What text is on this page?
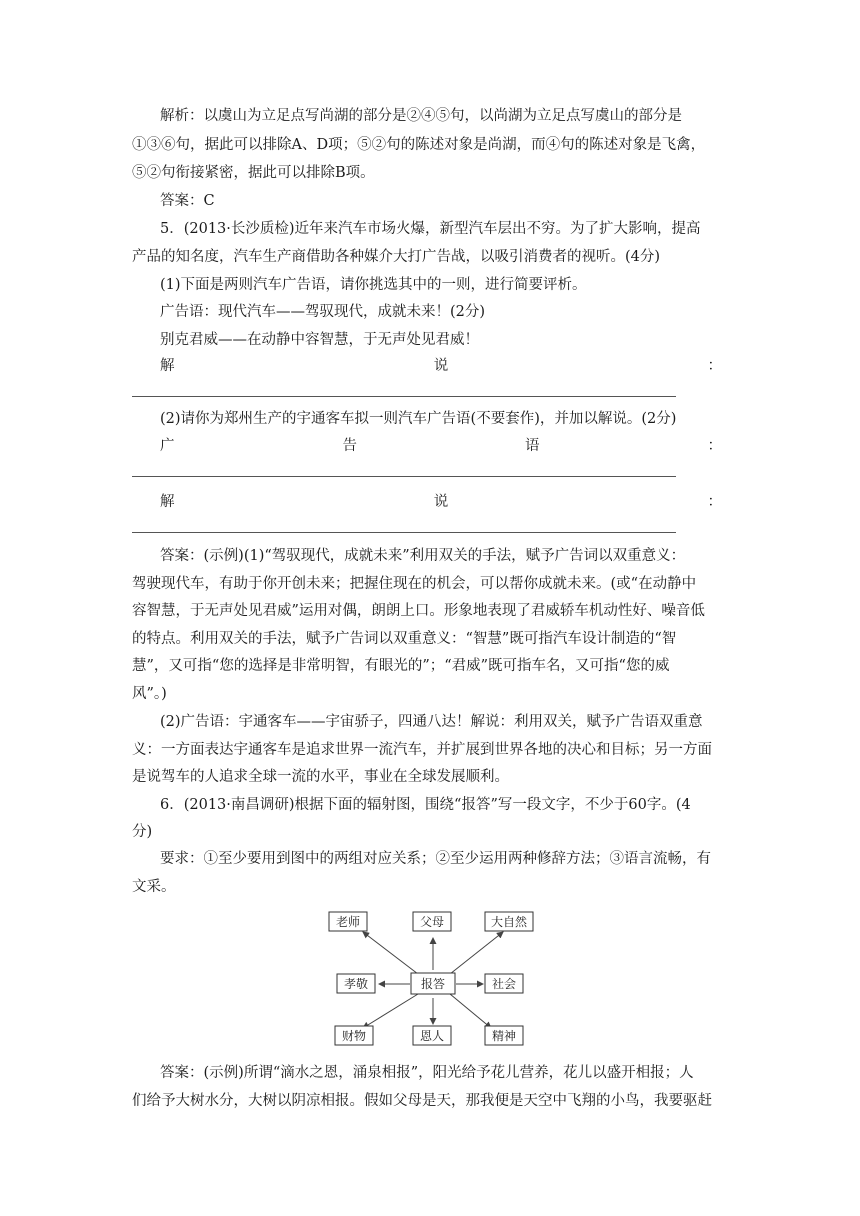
解析：以虞山为立足点写尚湖的部分是②④⑤句，以尚湖为立足点写虞山的部分是
①③⑥句，据此可以排除A、D项；⑤②句的陈述对象是尚湖，而④句的陈述对象是飞禽，
⑤②句衔接紧密，据此可以排除B项。
答案：C
5．(2013·长沙质检)近年来汽车市场火爆，新型汽车层出不穷。为了扩大影响，提高
产品的知名度，汽车生产商借助各种媒介大打广告战，以吸引消费者的视听。(4分)
(1)下面是两则汽车广告语，请你挑选其中的一则，进行简要评析。
广告语：现代汽车——驾驭现代，成就未来！(2分)
别克君威——在动静中容智慧，于无声处见君威！
解	说	：
(2)请你为郑州生产的宇通客车拟一则汽车广告语(不要套作)，并加以解说。(2分)
广	告	语	：
解	说	：
答案：(示例)(1)“驾驭现代，成就未来”利用双关的手法，赋予广告词以双重意义：
驾驶现代车，有助于你开创未来；把握住现在的机会，可以帮你成就未来。(或“在动静中
容智慧，于无声处见君威”运用对偶，朗朗上口。形象地表现了君威轿车机动性好、噪音低
的特点。利用双关的手法，赋予广告词以双重意义：“智慧”既可指汽车设计制造的“智
慧”，又可指“您的选择是非常明智，有眼光的”；“君威”既可指车名，又可指“您的威
风”。)
(2)广告语：宇通客车——宇宙骄子，四通八达！解说：利用双关，赋予广告语双重意
义：一方面表达宇通客车是追求世界一流汽车，并扩展到世界各地的决心和目标；另一方面
是说驾车的人追求全球一流的水平，事业在全球发展顺利。
6．(2013·南昌调研)根据下面的辐射图，围绕“报答”写一段文字，不少于60字。(4
分)
要求：①至少要用到图中的两组对应关系；②至少运用两种修辞方法；③语言流畅，有
文采。
老师	父母	大自然
孝敬	报答	社会
财物	恩人	精神
答案：(示例)所谓“滴水之恩，涌泉相报”，阳光给予花儿营养，花儿以盛开相报；人
们给予大树水分，大树以阴凉相报。假如父母是天，那我便是天空中飞翔的小鸟，我要驱赶
